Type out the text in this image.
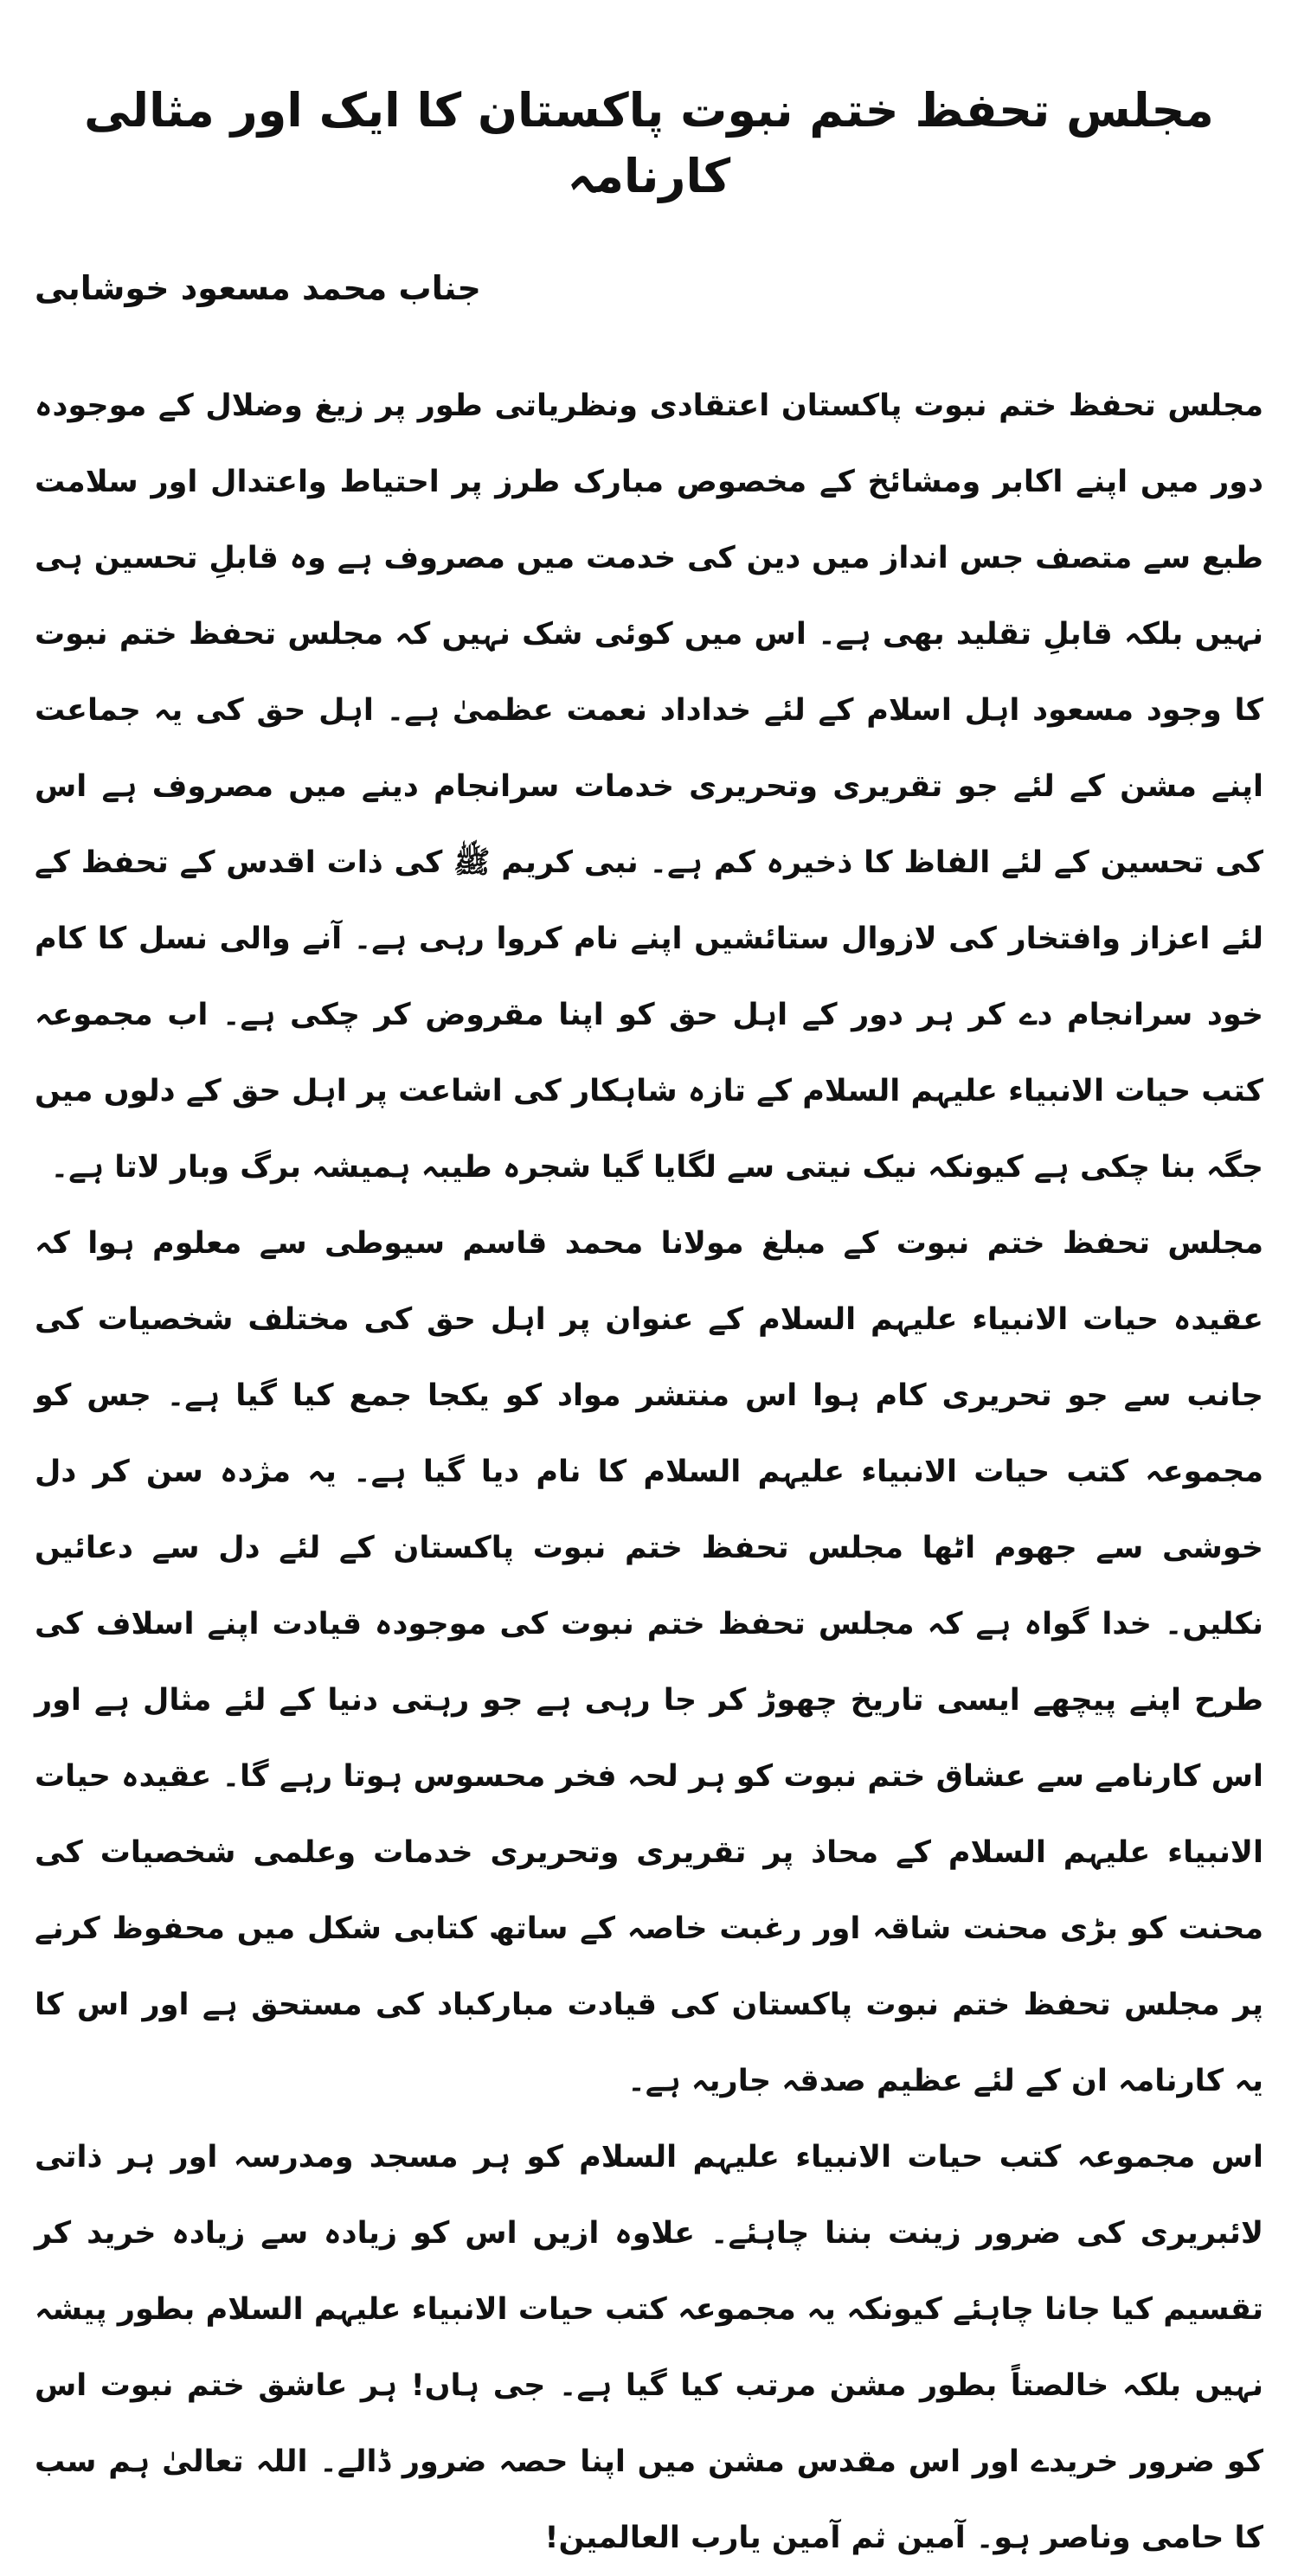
مجلس تحفظ ختم نبوت پاکستان کا ایک اور مثالی کارنامہ
جناب محمد مسعود خوشابی

مجلس تحفظ ختم نبوت پاکستان اعتقادی ونظریاتی طور پر زیغ وضلال کے موجودہ دور میں اپنے اکابر ومشائخ کے مخصوص مبارک طرز پر احتیاط واعتدال اور سلامت طبع سے متصف جس انداز میں دین کی خدمت میں مصروف ہے وہ قابلِ تحسین ہی نہیں بلکہ قابلِ تقلید بھی ہے۔ اس میں کوئی شک نہیں کہ مجلس تحفظ ختم نبوت کا وجود مسعود اہل اسلام کے لئے خداداد نعمت عظمیٰ ہے۔ اہل حق کی یہ جماعت اپنے مشن کے لئے جو تقریری وتحریری خدمات سرانجام دینے میں مصروف ہے اس کی تحسین کے لئے الفاظ کا ذخیرہ کم ہے۔ نبی کریم ﷺ کی ذات اقدس کے تحفظ کے لئے اعزاز وافتخار کی لازوال ستائشیں اپنے نام کروا رہی ہے۔ آنے والی نسل کا کام خود سرانجام دے کر ہر دور کے اہل حق کو اپنا مقروض کر چکی ہے۔ اب مجموعہ کتب حیات الانبیاء علیہم السلام کے تازہ شاہکار کی اشاعت پر اہل حق کے دلوں میں جگہ بنا چکی ہے کیونکہ نیک نیتی سے لگایا گیا شجرہ طیبہ ہمیشہ برگ وبار لاتا ہے۔

مجلس تحفظ ختم نبوت کے مبلغ مولانا محمد قاسم سیوطی سے معلوم ہوا کہ عقیدہ حیات الانبیاء علیہم السلام کے عنوان پر اہل حق کی مختلف شخصیات کی جانب سے جو تحریری کام ہوا اس منتشر مواد کو یکجا جمع کیا گیا ہے۔ جس کو مجموعہ کتب حیات الانبیاء علیہم السلام کا نام دیا گیا ہے۔ یہ مژدہ سن کر دل خوشی سے جھوم اٹھا مجلس تحفظ ختم نبوت پاکستان کے لئے دل سے دعائیں نکلیں۔ خدا گواہ ہے کہ مجلس تحفظ ختم نبوت کی موجودہ قیادت اپنے اسلاف کی طرح اپنے پیچھے ایسی تاریخ چھوڑ کر جا رہی ہے جو رہتی دنیا کے لئے مثال ہے اور اس کارنامے سے عشاق ختم نبوت کو ہر لحہ فخر محسوس ہوتا رہے گا۔ عقیدہ حیات الانبیاء علیہم السلام کے محاذ پر تقریری وتحریری خدمات وعلمی شخصیات کی محنت کو بڑی محنت شاقہ اور رغبت خاصہ کے ساتھ کتابی شکل میں محفوظ کرنے پر مجلس تحفظ ختم نبوت پاکستان کی قیادت مبارکباد کی مستحق ہے اور اس کا یہ کارنامہ ان کے لئے عظیم صدقہ جاریہ ہے۔

اس مجموعہ کتب حیات الانبیاء علیہم السلام کو ہر مسجد ومدرسہ اور ہر ذاتی لائبریری کی ضرور زینت بننا چاہئے۔ علاوہ ازیں اس کو زیادہ سے زیادہ خرید کر تقسیم کیا جانا چاہئے کیونکہ یہ مجموعہ کتب حیات الانبیاء علیہم السلام بطور پیشہ نہیں بلکہ خالصتاً بطور مشن مرتب کیا گیا ہے۔ جی ہاں! ہر عاشق ختم نبوت اس کو ضرور خریدے اور اس مقدس مشن میں اپنا حصہ ضرور ڈالے۔ اللہ تعالیٰ ہم سب کا حامی وناصر ہو۔ آمین ثم آمین یارب العالمین!
